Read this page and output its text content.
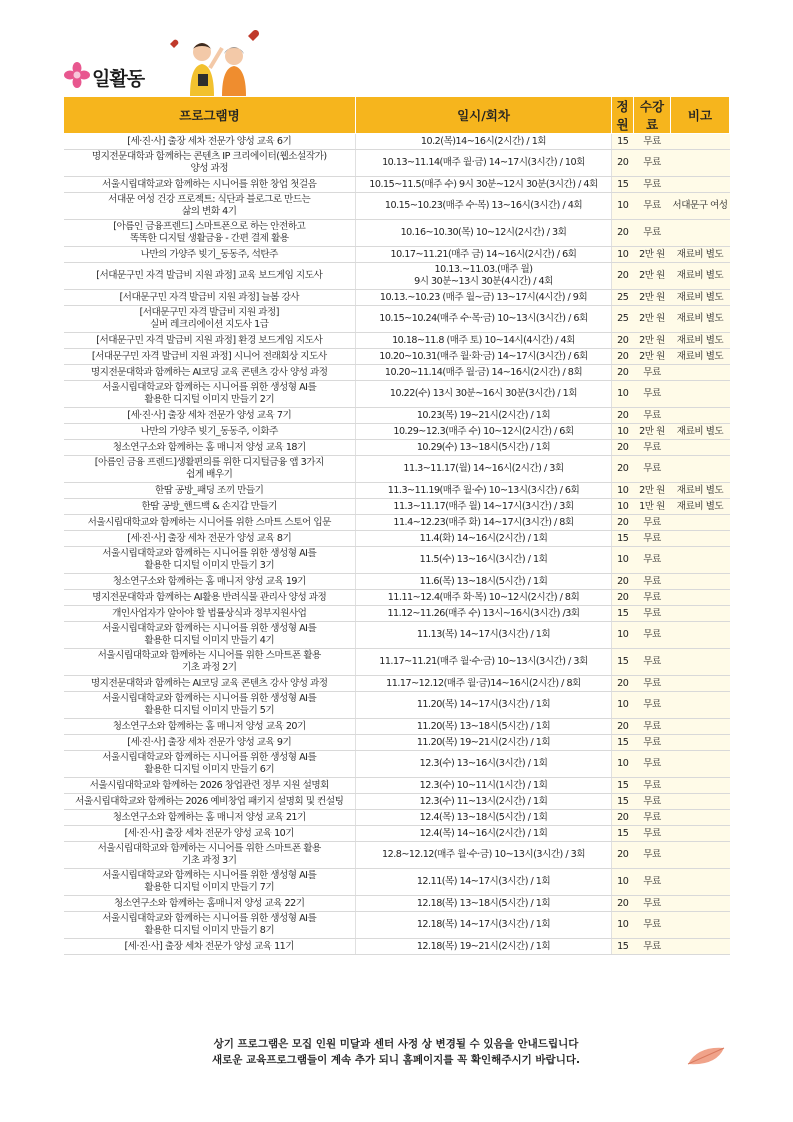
일활동
프로그램명	일시/회차	정원	수강료	비고
[세·진·사] 출장 세차 전문가 양성 교육 6기	10.2(목)14~16시(2시간) / 1회	15	무료	
명지전문대학과 함께하는 콘텐츠 IP 크리에이터(웹소설작가)
양성 과정	10.13~11.14(매주 월·금) 14~17시(3시간) / 10회	20	무료	
서울시립대학교와 함께하는 시니어를 위한 창업 첫걸음	10.15~11.5(매주 수) 9시 30분~12시 30분(3시간) / 4회	15	무료	
서대문 여성 건강 프로젝트: 식단과 블로그로 만드는
삶의 변화 4기	10.15~10.23(매주 수·목) 13~16시(3시간) / 4회	10	무료	서대문구 여성
[아름인 금융프렌드] 스마트폰으로 하는 안전하고
똑똑한 디지털 생활금융 - 간편 결제 활용	10.16~10.30(목) 10~12시(2시간) / 3회	20	무료	
나만의 가양주 빚기_동동주, 석탄주	10.17~11.21(매주 금) 14~16시(2시간) / 6회	10	2만 원	재료비 별도
[서대문구민 자격 발급비 지원 과정] 교육 보드게임 지도사	10.13.~11.03.(매주 월)
9시 30분~13시 30분(4시간) / 4회	20	2만 원	재료비 별도
[서대문구민 자격 발급비 지원 과정] 늘봄 강사	10.13.~10.23 (매주 월~금) 13~17시(4시간) / 9회	25	2만 원	재료비 별도
[서대문구민 자격 발급비 지원 과정]
실버 레크리에이션 지도사 1급	10.15~10.24(매주 수·목·금) 10~13시(3시간) / 6회	25	2만 원	재료비 별도
[서대문구민 자격 발급비 지원 과정] 환경 보드게임 지도사	10.18~11.8 (매주 토) 10~14시(4시간) / 4회	20	2만 원	재료비 별도
[서대문구민 자격 발급비 지원 과정] 시니어 전래회상 지도사	10.20~10.31(매주 월·화·금) 14~17시(3시간) / 6회	20	2만 원	재료비 별도
명지전문대학과 함께하는 AI코딩 교육 콘텐츠 강사 양성 과정	10.20~11.14(매주 월·금) 14~16시(2시간) / 8회	20	무료	
서울시립대학교와 함께하는 시니어를 위한 생성형 AI를
활용한 디지털 이미지 만들기 2기	10.22(수) 13시 30분~16시 30분(3시간) / 1회	10	무료	
[세·진·사] 출장 세차 전문가 양성 교육 7기	10.23(목) 19~21시(2시간) / 1회	20	무료	
나만의 가양주 빚기_동동주, 이화주	10.29~12.3(매주 수) 10~12시(2시간) / 6회	10	2만 원	재료비 별도
청소연구소와 함께하는 홈 매니저 양성 교육 18기	10.29(수) 13~18시(5시간) / 1회	20	무료	
[아름인 금융 프렌드]생활편의를 위한 디지털금융 앱 3가지
쉽게 배우기	11.3~11.17(월) 14~16시(2시간) / 3회	20	무료	
한땀 공방_패딩 조끼 만들기	11.3~11.19(매주 월·수) 10~13시(3시간) / 6회	10	2만 원	재료비 별도
한땀 공방_핸드백 & 손지갑 만들기	11.3~11.17(매주 월) 14~17시(3시간) / 3회	10	1만 원	재료비 별도
서울시립대학교와 함께하는 시니어를 위한 스마트 스토어 입문	11.4~12.23(매주 화) 14~17시(3시간) / 8회	20	무료	
[세·진·사] 출장 세차 전문가 양성 교육 8기	11.4(화) 14~16시(2시간) / 1회	15	무료	
서울시립대학교와 함께하는 시니어를 위한 생성형 AI를
활용한 디지털 이미지 만들기 3기	11.5(수) 13~16시(3시간) / 1회	10	무료	
청소연구소와 함께하는 홈 매니저 양성 교육 19기	11.6(목) 13~18시(5시간) / 1회	20	무료	
명지전문대학과 함께하는 AI활용 반려식물 관리사 양성 과정	11.11~12.4(매주 화·목) 10~12시(2시간) / 8회	20	무료	
개인사업자가 알아야 할 법률상식과 정부지원사업	11.12~11.26(매주 수) 13시~16시(3시간) /3회	15	무료	
서울시립대학교와 함께하는 시니어를 위한 생성형 AI를
활용한 디지털 이미지 만들기 4기	11.13(목) 14~17시(3시간) / 1회	10	무료	
서울시립대학교와 함께하는 시니어를 위한 스마트폰 활용
기초 과정 2기	11.17~11.21(매주 월·수·금) 10~13시(3시간) / 3회	15	무료	
명지전문대학과 함께하는 AI코딩 교육 콘텐츠 강사 양성 과정	11.17~12.12(매주 월·금)14~16시(2시간) / 8회	20	무료	
서울시립대학교와 함께하는 시니어를 위한 생성형 AI를
활용한 디지털 이미지 만들기 5기	11.20(목) 14~17시(3시간) / 1회	10	무료	
청소연구소와 함께하는 홈 매니저 양성 교육 20기	11.20(목) 13~18시(5시간) / 1회	20	무료	
[세·진·사] 출장 세차 전문가 양성 교육 9기	11.20(목) 19~21시(2시간) / 1회	15	무료	
서울시립대학교와 함께하는 시니어를 위한 생성형 AI를
활용한 디지털 이미지 만들기 6기	12.3(수) 13~16시(3시간) / 1회	10	무료	
서울시립대학교와 함께하는 2026 창업관련 정부 지원 설명회	12.3(수) 10~11시(1시간) / 1회	15	무료	
서울시립대학교와 함께하는 2026 예비창업 패키지 설명회 및 컨설팅	12.3(수) 11~13시(2시간) / 1회	15	무료	
청소연구소와 함께하는 홈 매니저 양성 교육 21기	12.4(목) 13~18시(5시간) / 1회	20	무료	
[세·진·사] 출장 세차 전문가 양성 교육 10기	12.4(목) 14~16시(2시간) / 1회	15	무료	
서울시립대학교와 함께하는 시니어를 위한 스마트폰 활용
기초 과정 3기	12.8~12.12(매주 월·수·금) 10~13시(3시간) / 3회	20	무료	
서울시립대학교와 함께하는 시니어를 위한 생성형 AI를
활용한 디지털 이미지 만들기 7기	12.11(목) 14~17시(3시간) / 1회	10	무료	
청소연구소와 함께하는 홈매니저 양성 교육 22기	12.18(목) 13~18시(5시간) / 1회	20	무료	
서울시립대학교와 함께하는 시니어를 위한 생성형 AI를
활용한 디지털 이미지 만들기 8기	12.18(목) 14~17시(3시간) / 1회	10	무료	
[세·진·사] 출장 세차 전문가 양성 교육 11기	12.18(목) 19~21시(2시간) / 1회	15	무료	
상기 프로그램은 모집 인원 미달과 센터 사정 상 변경될 수 있음을 안내드립니다
새로운 교육프로그램들이 계속 추가 되니 홈페이지를 꼭 확인해주시기 바랍니다.
